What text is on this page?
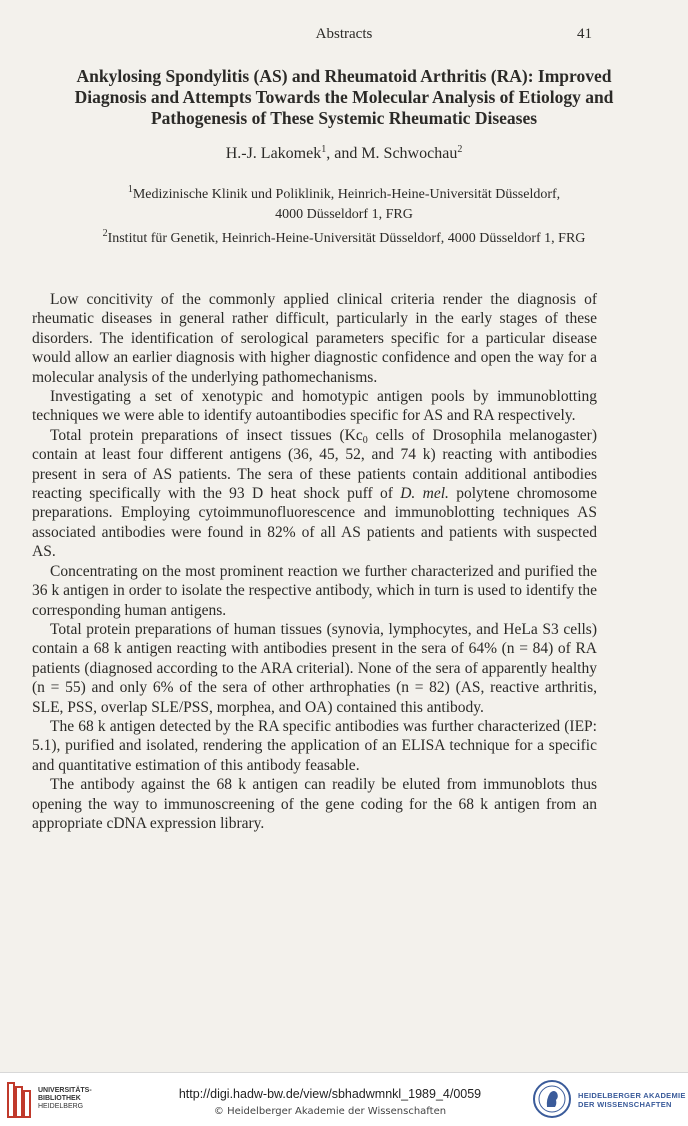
Abstracts	41
Ankylosing Spondylitis (AS) and Rheumatoid Arthritis (RA): Improved Diagnosis and Attempts Towards the Molecular Analysis of Etiology and Pathogenesis of These Systemic Rheumatic Diseases
H.-J. Lakomek$^1$, and M. Schwochau$^2$
$^1$Medizinische Klinik und Poliklinik, Heinrich-Heine-Universität Düsseldorf,
4000 Düsseldorf 1, FRG
$^2$Institut für Genetik, Heinrich-Heine-Universität Düsseldorf, 4000 Düsseldorf 1, FRG

Low concitivity of the commonly applied clinical criteria render the diagnosis of rheumatic diseases in general rather difficult, particularly in the early stages of these disorders. The identification of serological parameters specific for a particular disease would allow an earlier diagnosis with higher diagnostic confidence and open the way for a molecular analysis of the underlying pathomechanisms.

Investigating a set of xenotypic and homotypic antigen pools by immunoblotting techniques we were able to identify autoantibodies specific for AS and RA respectively.

Total protein preparations of insect tissues ($Kc_0$ cells of Drosophila melanogaster) contain at least four different antigens (36, 45, 52, and 74 k) reacting with antibodies present in sera of AS patients. The sera of these patients contain additional antibodies reacting specifically with the 93 D heat shock puff of D. mel. polytene chromosome preparations. Employing cytoimmunofluorescence and immunoblotting techniques AS associated antibodies were found in 82% of all AS patients and patients with suspected AS.

Concentrating on the most prominent reaction we further characterized and purified the 36 k antigen in order to isolate the respective antibody, which in turn is used to identify the corresponding human antigens.

Total protein preparations of human tissues (synovia, lymphocytes, and HeLa S3 cells) contain a 68 k antigen reacting with antibodies present in the sera of 64% (n = 84) of RA patients (diagnosed according to the ARA criterial). None of the sera of apparently healthy (n = 55) and only 6% of the sera of other arthrophaties (n = 82) (AS, reactive arthritis, SLE, PSS, overlap SLE/PSS, morphea, and OA) contained this antibody.

The 68 k antigen detected by the RA specific antibodies was further characterized (IEP: 5.1), purified and isolated, rendering the application of an ELISA technique for a specific and quantitative estimation of this antibody feasable.

The antibody against the 68 k antigen can readily be eluted from immunoblots thus opening the way to immunoscreening of the gene coding for the 68 k antigen from an appropriate cDNA expression library.

UNIVERSITÄTS-
BIBLIOTHEK
HEIDELBERG
http://digi.hadw-bw.de/view/sbhadwmnkl_1989_4/0059
© Heidelberger Akademie der Wissenschaften
HEIDELBERGER AKADEMIE
DER WISSENSCHAFTEN
